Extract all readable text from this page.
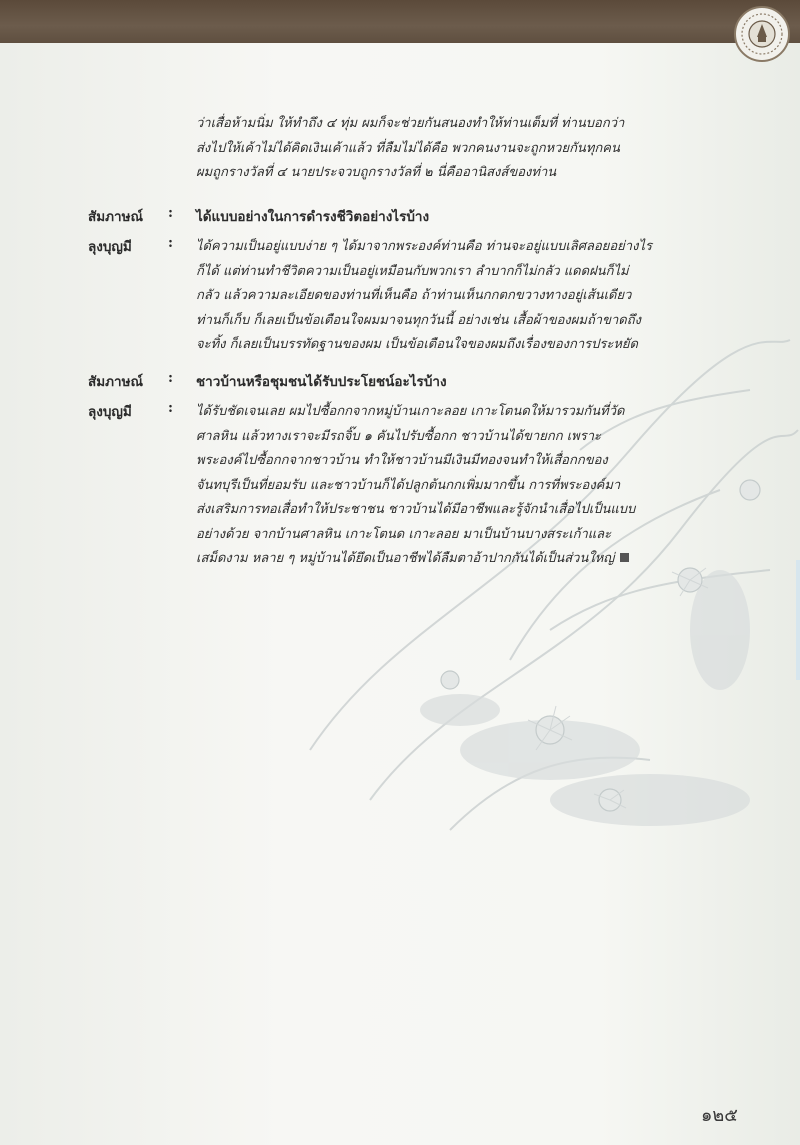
ว่าเสื่อห้ามนิ่ม ให้ทำถึง ๔ ทุ่ม ผมก็จะช่วยกันสนองทำให้ท่านเต็มที่ ท่านบอกว่า
ส่งไปให้เค้าไม่ได้คิดเงินเค้าแล้ว ที่ลืมไม่ได้คือ พวกคนงานจะถูกหวยกันทุกคน
ผมถูกรางวัลที่ ๔ นายประจวบถูกรางวัลที่ ๒ นี่คืออานิสงส์ของท่าน
สัมภาษณ์ : ได้แบบอย่างในการดำรงชีวิตอย่างไรบ้าง
ลุงบุญมี	: ได้ความเป็นอยู่แบบง่าย ๆ ได้มาจากพระองค์ท่านคือ ท่านจะอยู่แบบเลิศลอยอย่างไร
ก็ได้ แต่ท่านทำชีวิตความเป็นอยู่เหมือนกับพวกเรา ลำบากก็ไม่กลัว แดดฝนก็ไม่
กลัว แล้วความละเอียดของท่านที่เห็นคือ ถ้าท่านเห็นกกตกขวางทางอยู่เส้นเดียว
ท่านก็เก็บ ก็เลยเป็นข้อเตือนใจผมมาจนทุกวันนี้ อย่างเช่น เสื้อผ้าของผมถ้าขาดถึง
จะทิ้ง ก็เลยเป็นบรรทัดฐานของผม เป็นข้อเตือนใจของผมถึงเรื่องของการประหยัด
สัมภาษณ์ : ชาวบ้านหรือชุมชนได้รับประโยชน์อะไรบ้าง
ลุงบุญมี	: ได้รับชัดเจนเลย ผมไปซื้อกกจากหมู่บ้านเกาะลอย เกาะโตนดให้มารวมกันที่วัด
ศาลหิน แล้วทางเราจะมีรถจิ๊บ ๑ คันไปรับซื้อกก ชาวบ้านได้ขายกก เพราะ
พระองค์ไปซื้อกกจากชาวบ้าน ทำให้ชาวบ้านมีเงินมีทองจนทำให้เสื่อกกของ
จันทบุรีเป็นที่ยอมรับ และชาวบ้านก็ได้ปลูกต้นกกเพิ่มมากขึ้น การที่พระองค์มา
ส่งเสริมการทอเสื่อทำให้ประชาชน ชาวบ้านได้มีอาชีพและรู้จักนำเสื่อไปเป็นแบบ
อย่างด้วย จากบ้านศาลหิน เกาะโตนด เกาะลอย มาเป็นบ้านบางสระเก้าและ
เสม็ดงาม หลาย ๆ หมู่บ้านได้ยึดเป็นอาชีพได้ลืมตาอ้าปากกันได้เป็นส่วนใหญ่
๑๒๕
